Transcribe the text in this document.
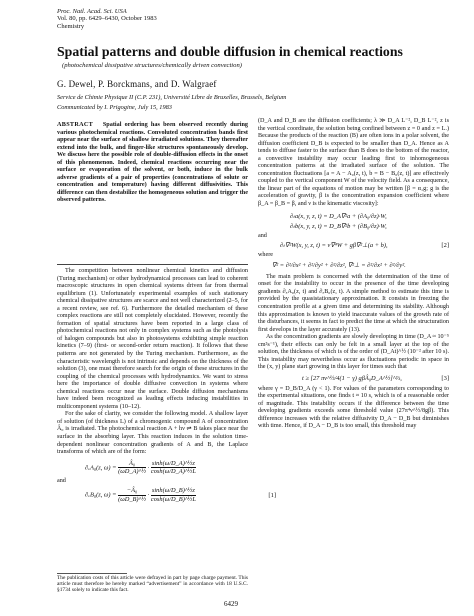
Proc. Natl. Acad. Sci. USA
Vol. 80, pp. 6429–6430, October 1983
Chemistry
Spatial patterns and double diffusion in chemical reactions
(photochemical dissipative structures/chemically driven convection)
G. Dewel, P. Borckmans, and D. Walgraef
Service de Chimie Physique II (C.P. 231), Université Libre de Bruxelles, Brussels, Belgium
Communicated by I. Prigogine, July 15, 1983
ABSTRACT Spatial ordering has been observed recently during various photochemical reactions. Convoluted concentration bands first appear near the surface of shallow irradiated solutions. They thereafter extend into the bulk, and finger-like structures spontaneously develop. We discuss here the possible role of double-diffusion effects in the onset of this phenomenon. Indeed, chemical reactions occurring near the surface or evaporation of the solvent, or both, induce in the bulk adverse gradients of a pair of properties (concentrations of solute or concentration and temperature) having different diffusivities. This difference can then destabilize the homogeneous solution and trigger the observed patterns.

The competition between nonlinear chemical kinetics and diffusion (Turing mechanism) or other hydrodynamical processes can lead to coherent macroscopic structures in open chemical systems driven far from thermal equilibrium (1). Unfortunately experimental examples of such stationary chemical dissipative structures are scarce and not well characterized (2–5, for a recent review, see ref. 6). Furthermore the detailed mechanism of these complex reactions are still not completely elucidated. However, recently the formation of spatial structures have been reported in a large class of photochemical reactions not only in complex systems such as the photolysis of halogen compounds but also in photosystems exhibiting simple reaction kinetics (7–9) (first- or second-order return reaction). It follows that these patterns are not generated by the Turing mechanism. Furthermore, as the characteristic wavelength is not intrinsic and depends on the thickness of the solution (3), one must therefore search for the origin of these structures in the coupling of the chemical processes with hydrodynamics. We want to stress here the importance of double diffusive convection in systems where chemical reactions occur near the surface. Double diffusion mechanisms have indeed been recognized as leading effects inducing instabilities in multicomponent systems (10–12).

For the sake of clarity, we consider the following model. A shallow layer of solution (of thickness L) of a chromogenic compound A of concentration Â₀ is irradiated. The photochemical reaction A + hν ⇌ B takes place near the surface in the absorbing layer. This reaction induces in the solution time-dependent nonlinear concentration gradients of A and B, the Laplace transforms of which are of the form:

∂ₓA₀(z, $\omega) = \frac{\text{Â₀}}{\text{(ωD\_A)\textasciicircum{}½}} \cdot \frac{\text{sinh(ω/D\_A)\textasciicircum{}½z}}{\text{cosh(ω/D\_A)\textasciicircum{}½L}}$
and
∂ₓB₀(z, $\omega) = \frac{\text{−Â₀}}{\text{(ωD\_B)\textasciicircum{}½}} \cdot \frac{\text{sinh(ω/D\_B)\textasciicircum{}½z}}{\text{cosh(ω/D\_B)\textasciicircum{}½L}}$	[1]
The publication costs of this article were defrayed in part by page charge payment. This article must therefore be hereby marked “advertisement” in accordance with 18 U.S.C. §1734 solely to indicate this fact.

(D_A and D_B are the diffusion coefficients; λ ≫ D_A L⁻², D_B L⁻², z is the vertical coordinate, the solution being confined between z = 0 and z = L.) Because the products of the reaction (B) are often ions in a polar solvent, the diffusion coefficient D_B is expected to be smaller than D_A. Hence as A tends to diffuse faster to the surface than B does to the bottom of the reactor, a convective instability may occur leading first to inhomogeneous concentration patterns at the irradiated surface of the solution. The concentration fluctuations [a = A − A₀(z, t), b = B − B₀(z, t)] are effectively coupled to the vertical component W of the velocity field. As a consequence, the linear part of the equations of motion may be written [β = α₁g; g is the acceleration of gravity, β is the concentration expansion coefficient where β_A = β_B = β, and ν is the kinematic viscosity]:

∂ₜa(x, y, z, t) = D_A∇²a + (∂A₀/∂z)·W,
∂ₜb(x, y, z, t) = D_B∇²b + (∂B₀/∂z)·W,
and
∂ₜ∇²W(x, y, z, t) = ν∇⁴W + gβ∇²⊥(a + b),	[2]
where
∇² = ∂²/∂x² + ∂²/∂y² + ∂²/∂z², ∇²⊥ = ∂²/∂x² + ∂²/∂y².

The main problem is concerned with the determination of the time of onset for the instability to occur in the presence of the time developing gradients ∂ₓA₀(z, t) and ∂ₓB₀(z, t). A simple method to estimate this time is provided by the quasistationary approximation. It consists in freezing the concentration profile at a given time and determining its stability. Although this approximation is known to yield inaccurate values of the growth rate of the disturbances, it seems in fact to predict the time at which the structuration first develops in the layer accurately (13).

As the concentration gradients are slowly developing in time (D_A ≈ 10⁻⁵ cm²s⁻¹), their effects can only be felt in a small layer at the top of the solution, the thickness of which is of the order of (D_At)^½ (10⁻² after 10 s). This instability may nevertheless occur as fluctuations periodic in space in the (x, y) plane start growing in this layer for times such that

t ≥ [27 πν^½/4(1 − γ) gβÂ₀D_A^½]^⅔,	[3]

where γ = D_B/D_A (γ < 1). For values of the parameters corresponding to the experimental situations, one finds t ≈ 10 s, which is of a reasonable order of magnitude. This instability occurs if the difference between the time developing gradients exceeds some threshold value (27π⁴ν^½/8gβ). This difference increases with the relative diffusivity D_A − D_B but diminishes with time. Hence, if D_A − D_B is too small, this threshold may

6429
